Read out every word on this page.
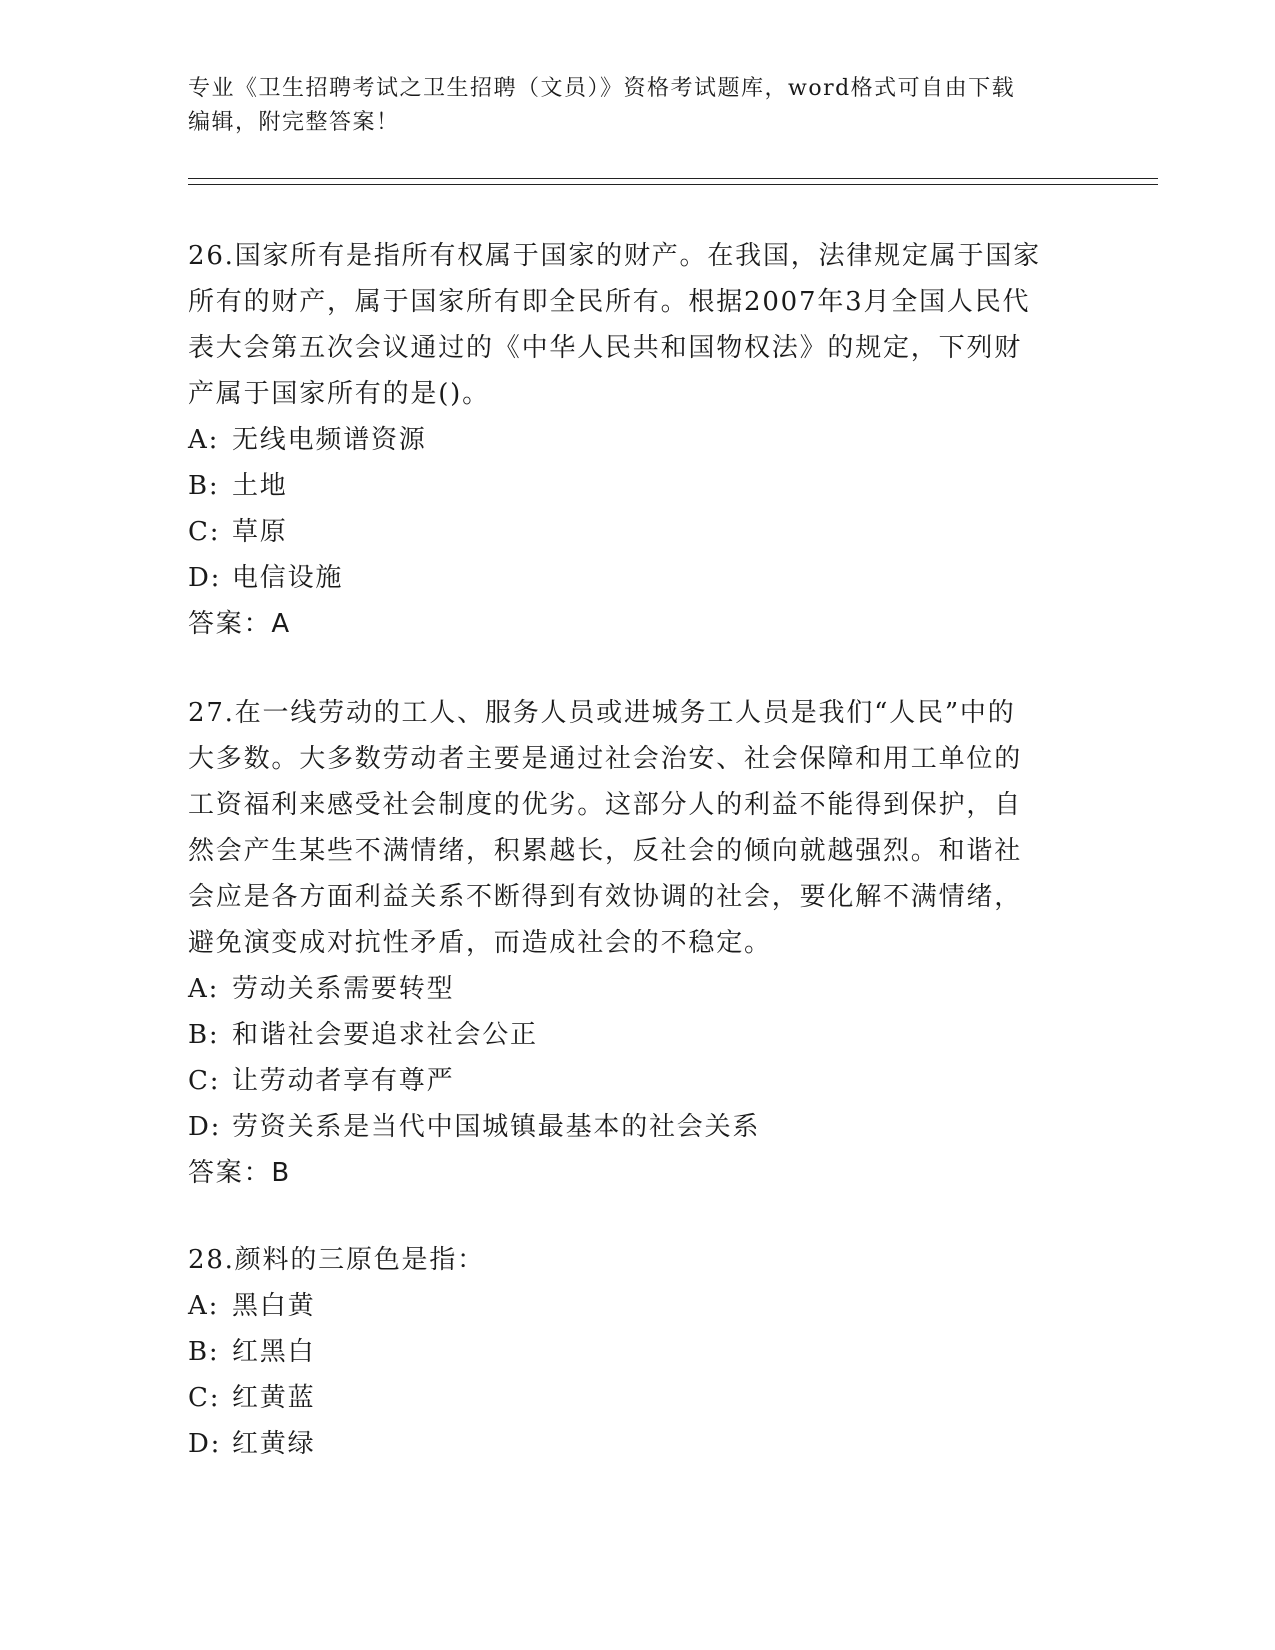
专业《卫生招聘考试之卫生招聘（文员）》资格考试题库，word格式可自由下载
编辑，附完整答案！
26.国家所有是指所有权属于国家的财产。在我国，法律规定属于国家
所有的财产，属于国家所有即全民所有。根据2007年3月全国人民代
表大会第五次会议通过的《中华人民共和国物权法》的规定，下列财
产属于国家所有的是()。
A: 无线电频谱资源
B: 土地
C: 草原
D: 电信设施
答案：A
27.在一线劳动的工人、服务人员或进城务工人员是我们“人民”中的
大多数。大多数劳动者主要是通过社会治安、社会保障和用工单位的
工资福利来感受社会制度的优劣。这部分人的利益不能得到保护，自
然会产生某些不满情绪，积累越长，反社会的倾向就越强烈。和谐社
会应是各方面利益关系不断得到有效协调的社会，要化解不满情绪，
避免演变成对抗性矛盾，而造成社会的不稳定。
A: 劳动关系需要转型
B: 和谐社会要追求社会公正
C: 让劳动者享有尊严
D: 劳资关系是当代中国城镇最基本的社会关系
答案：B
28.颜料的三原色是指：
A: 黑白黄
B: 红黑白
C: 红黄蓝
D: 红黄绿
